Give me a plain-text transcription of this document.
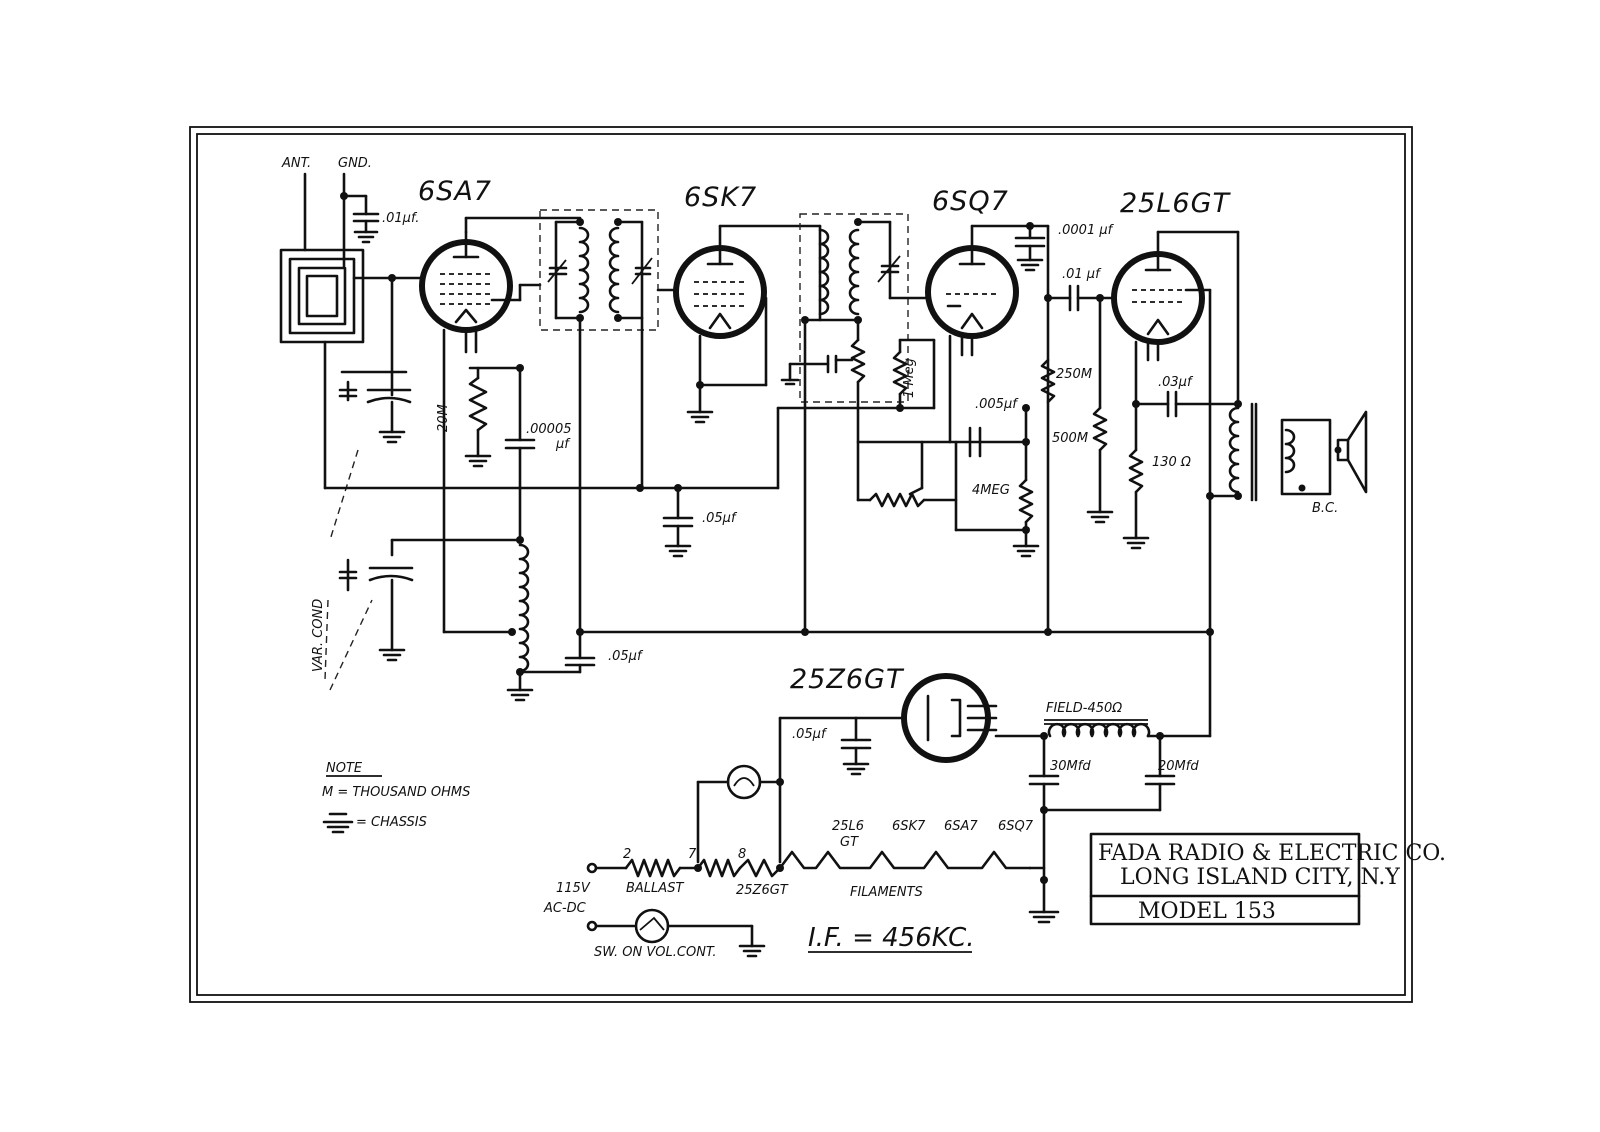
ANT. GND.
.01µf.
6SA7
20M	.00005
µf
.05µf
VAR. COND
.05µf
6SK7
1 Meg
6SQ7
.0001 µf
.005µf
4MEG
.01 µf
250M
500M
25L6GT
.03µf
130 Ω
B.C.
25Z6GT
.05µf
FIELD-450Ω
30Mfd	20Mfd
2	7	8
25L6
GT
6SK7 6SA7 6SQ7
115V
AC-DC
BALLAST	25Z6GT	FILAMENTS
SW. ON VOL.CONT.	I.F. = 456KC.
NOTE
M = THOUSAND OHMS
= CHASSIS
FADA RADIO & ELECTRIC CO.
LONG ISLAND CITY, N.Y
MODEL 153
